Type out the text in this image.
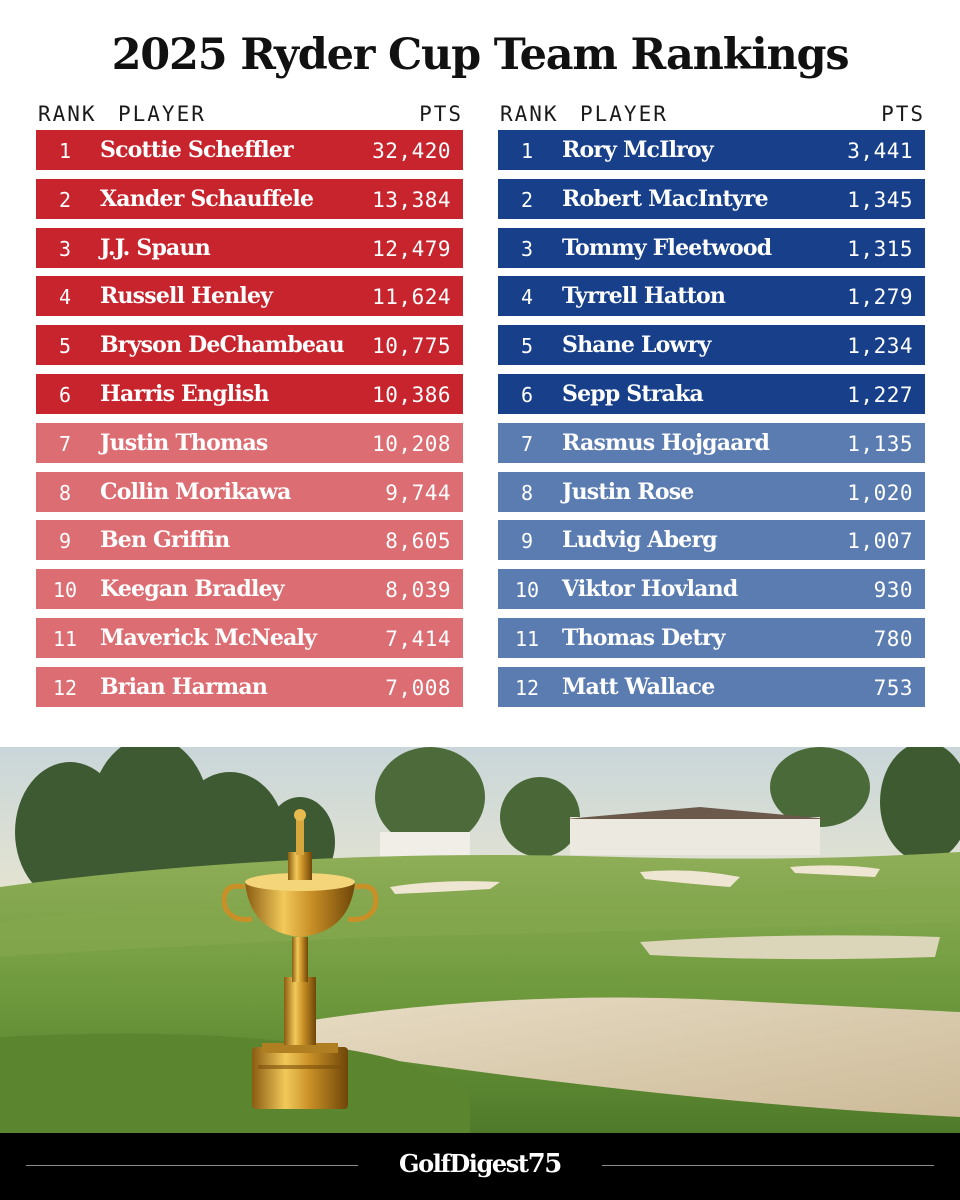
2025 Ryder Cup Team Rankings
RANK PLAYER	PTS
1	Scottie Scheffler	32,420
2	Xander Schauffele	13,384
3	J.J. Spaun	12,479
4	Russell Henley	11,624
5	Bryson DeChambeau 10,775
6	Harris English	10,386
7	Justin Thomas	10,208
8	Collin Morikawa	9,744
9	Ben Griffin	8,605
10	Keegan Bradley	8,039
11	Maverick McNealy	7,414
12	Brian Harman	7,008
RANK PLAYER	PTS
1	Rory McIlroy	3,441
2	Robert MacIntyre	1,345
3	Tommy Fleetwood	1,315
4	Tyrrell Hatton	1,279
5	Shane Lowry	1,234
6	Sepp Straka	1,227
7	Rasmus Hojgaard	1,135
8	Justin Rose	1,020
9	Ludvig Aberg	1,007
10	Viktor Hovland	930
11	Thomas Detry	780
12	Matt Wallace	753
GolfDigest75
